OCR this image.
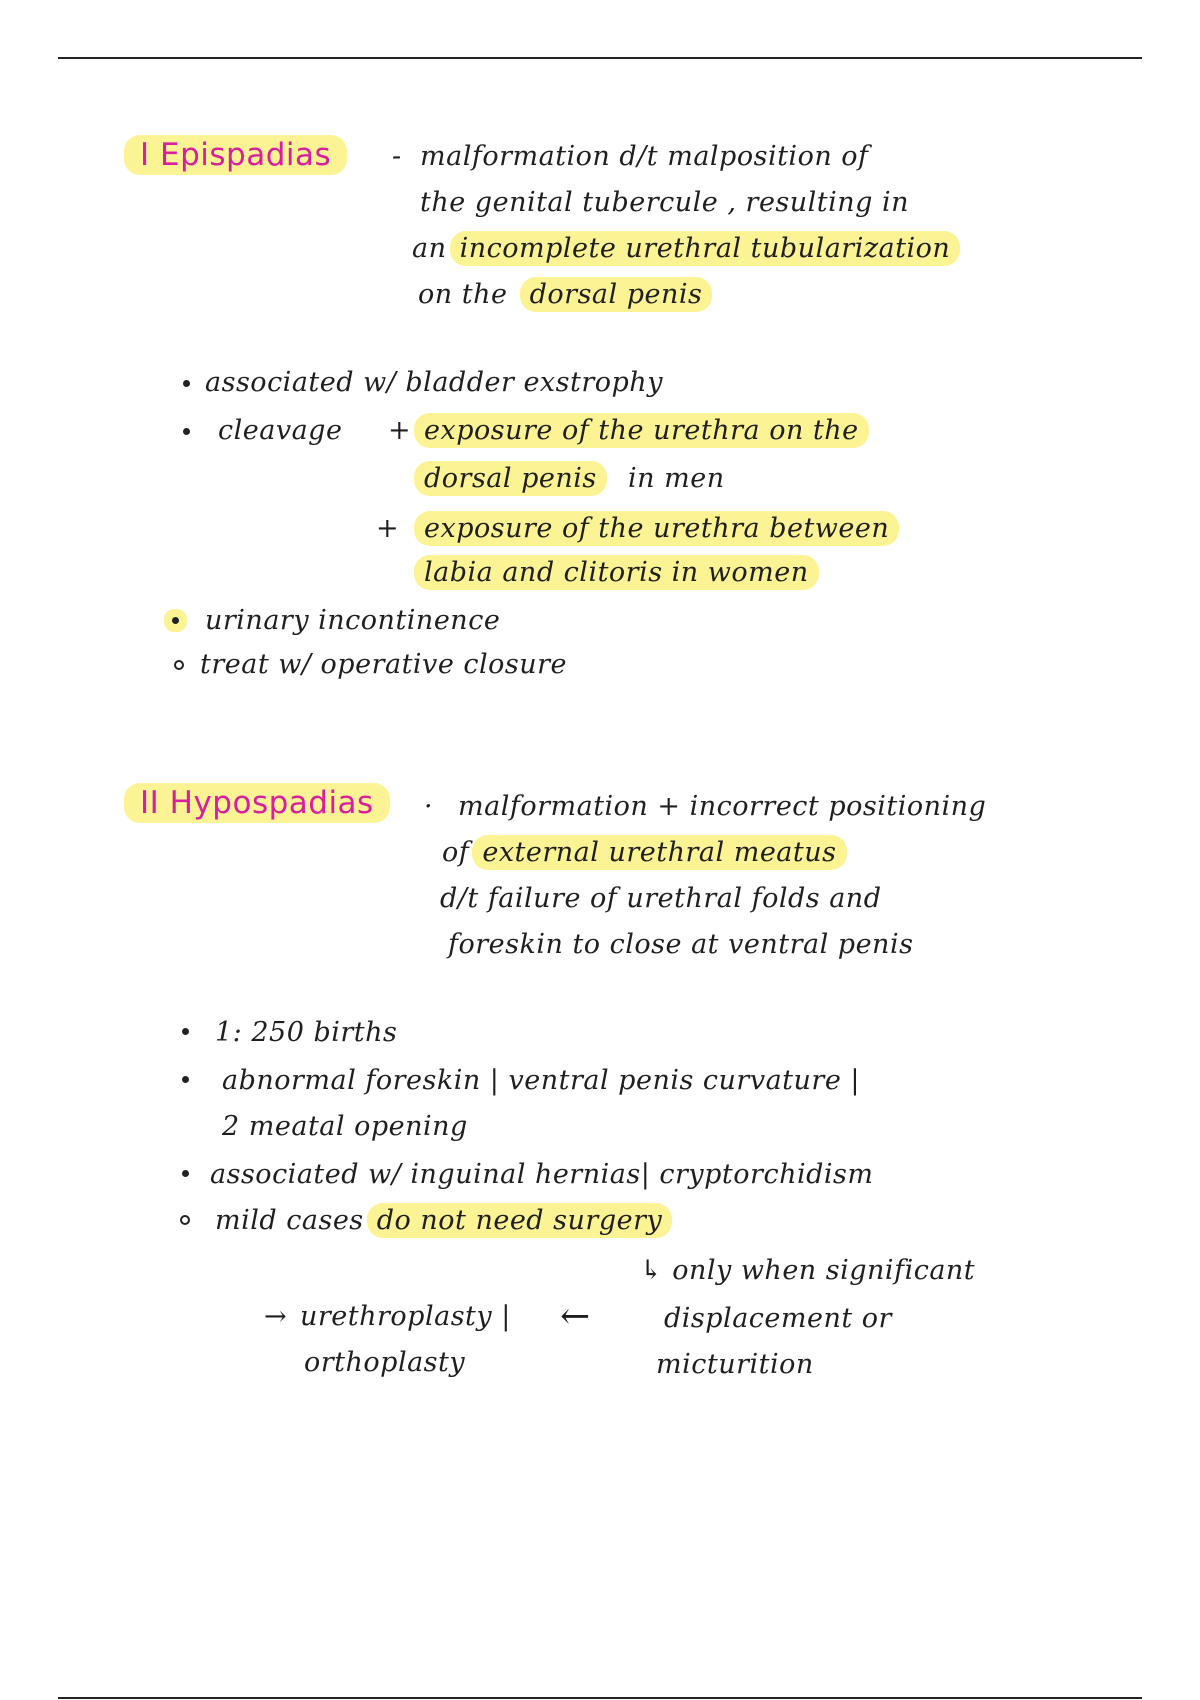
I Epispadias	- malformation d/t malposition of
the genital tubercule , resulting in
an incomplete urethral tubularization
on the dorsal penis
associated w/ bladder exstrophy
cleavage + exposure of the urethra on the
dorsal penis in men
+ exposure of the urethra between
labia and clitoris in women
urinary incontinence
treat w/ operative closure
II Hypospadias	· malformation + incorrect positioning
of external urethral meatus
d/t failure of urethral folds and
foreskin to close at ventral penis
1: 250 births
abnormal foreskin | ventral penis curvature |
2 meatal opening
associated w/ inguinal hernias| cryptorchidism
mild cases do not need surgery
↳ only when significant
displacement or
micturition
←
→ urethroplasty |
orthoplasty
